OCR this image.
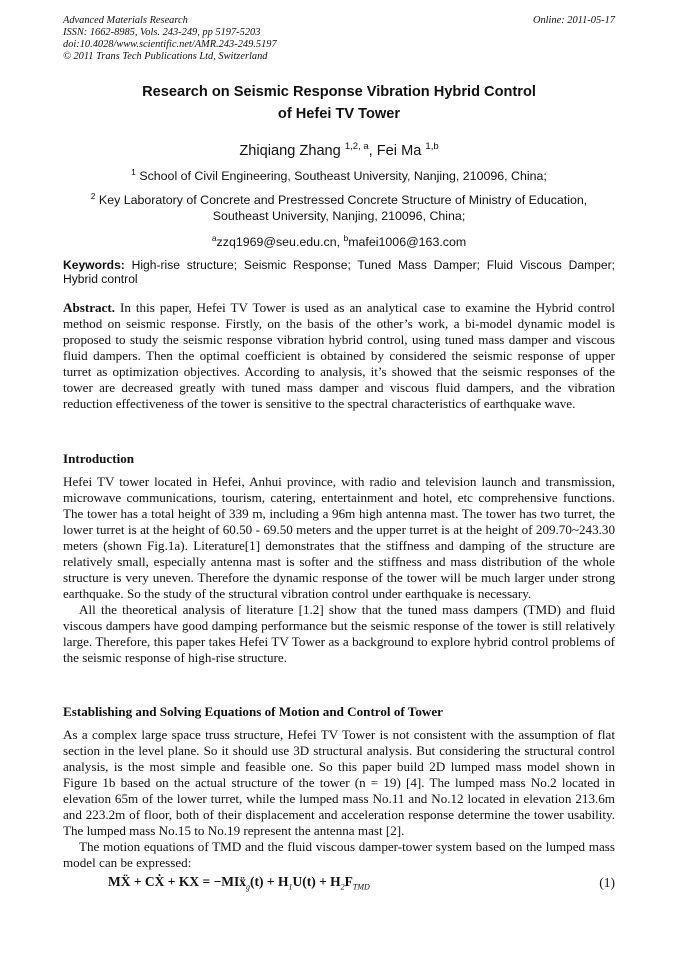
Advanced Materials Research
ISSN: 1662-8985, Vols. 243-249, pp 5197-5203
doi:10.4028/www.scientific.net/AMR.243-249.5197
© 2011 Trans Tech Publications Ltd, Switzerland
Online: 2011-05-17
Research on Seismic Response Vibration Hybrid Control
of Hefei TV Tower
Zhiqiang Zhang $^{1,2, a}$, Fei Ma $^{1,b}$

$^1$ School of Civil Engineering, Southeast University, Nanjing, 210096, China;

$^2$ Key Laboratory of Concrete and Prestressed Concrete Structure of Ministry of Education,

Southeast University, Nanjing, 210096, China;

$^a$zzq1969@seu.edu.cn, $^b$mafei1006@163.com

Keywords: High-rise structure; Seismic Response; Tuned Mass Damper; Fluid Viscous Damper; Hybrid control

Abstract. In this paper, Hefei TV Tower is used as an analytical case to examine the Hybrid control method on seismic response. Firstly, on the basis of the other’s work, a bi-model dynamic model is proposed to study the seismic response vibration hybrid control, using tuned mass damper and viscous fluid dampers. Then the optimal coefficient is obtained by considered the seismic response of upper turret as optimization objectives. According to analysis, it’s showed that the seismic responses of the tower are decreased greatly with tuned mass damper and viscous fluid dampers, and the vibration reduction effectiveness of the tower is sensitive to the spectral characteristics of earthquake wave.

Introduction

Hefei TV tower located in Hefei, Anhui province, with radio and television launch and transmission, microwave communications, tourism, catering, entertainment and hotel, etc comprehensive functions. The tower has a total height of 339 m, including a 96m high antenna mast. The tower has two turret, the lower turret is at the height of 60.50 - 69.50 meters and the upper turret is at the height of 209.70~243.30 meters (shown Fig.1a). Literature[1] demonstrates that the stiffness and damping of the structure are relatively small, especially antenna mast is softer and the stiffness and mass distribution of the whole structure is very uneven. Therefore the dynamic response of the tower will be much larger under strong earthquake. So the study of the structural vibration control under earthquake is necessary.

All the theoretical analysis of literature [1.2] show that the tuned mass dampers (TMD) and fluid viscous dampers have good damping performance but the seismic response of the tower is still relatively large. Therefore, this paper takes Hefei TV Tower as a background to explore hybrid control problems of the seismic response of high-rise structure.

Establishing and Solving Equations of Motion and Control of Tower

As a complex large space truss structure, Hefei TV Tower is not consistent with the assumption of flat section in the level plane. So it should use 3D structural analysis. But considering the structural control analysis, is the most simple and feasible one. So this paper build 2D lumped mass model shown in Figure 1b based on the actual structure of the tower (n = 19) [4]. The lumped mass No.2 located in elevation 65m of the lower turret, while the lumped mass No.11 and No.12 located in elevation 213.6m and 223.2m of floor, both of their displacement and acceleration response determine the tower usability. The lumped mass No.15 to No.19 represent the antenna mast [2].

The motion equations of TMD and the fluid viscous damper-tower system based on the lumped mass model can be expressed:

MẌ + CẊ + KX = −MIẍ$_g$(t) + $H_1U(t) + H_2F_{TMD}$	(1)
